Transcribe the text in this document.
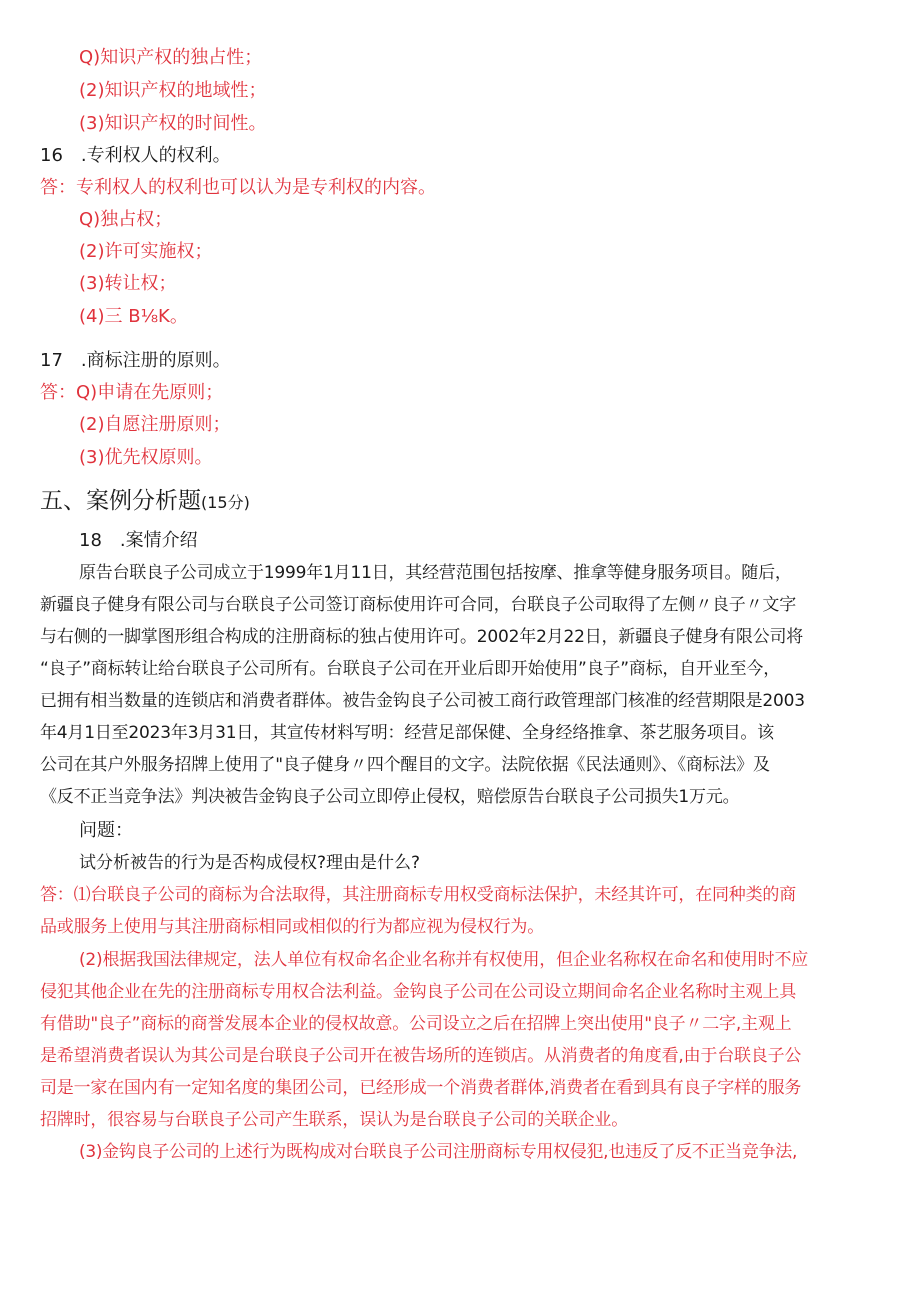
Q)知识产权的独占性；
(2)知识产权的地域性；
(3)知识产权的时间性。
16　.专利权人的权利。
答：专利权人的权利也可以认为是专利权的内容。
Q)独占权；
(2)许可实施权；
(3)转让权；
(4)三 B⅛K。
17　.商标注册的原则。
答：Q)申请在先原则；
(2)自愿注册原则；
(3)优先权原则。
五、案例分析题(15分)
18　.案情介绍
原告台联良子公司成立于1999年1月11日，其经营范围包括按摩、推拿等健身服务项目。随后，
新疆良子健身有限公司与台联良子公司签订商标使用许可合同，台联良子公司取得了左侧〃良子〃文字
与右侧的一脚掌图形组合构成的注册商标的独占使用许可。2002年2月22日，新疆良子健身有限公司将
“良子”商标转让给台联良子公司所有。台联良子公司在开业后即开始使用”良子”商标，自开业至今，
已拥有相当数量的连锁店和消费者群体。被告金钩良子公司被工商行政管理部门核准的经营期限是2003
年4月1日至2023年3月31日，其宣传材料写明：经营足部保健、全身经络推拿、茶艺服务项目。该
公司在其户外服务招牌上使用了"良子健身〃四个醒目的文字。法院依据《民法通则》、《商标法》及
《反不正当竞争法》判决被告金钩良子公司立即停止侵权，赔偿原告台联良子公司损失1万元。
问题：
试分析被告的行为是否构成侵权?理由是什么?
答：⑴台联良子公司的商标为合法取得，其注册商标专用权受商标法保护，未经其许可，在同种类的商
品或服务上使用与其注册商标相同或相似的行为都应视为侵权行为。
(2)根据我国法律规定，法人单位有权命名企业名称并有权使用，但企业名称权在命名和使用时不应
侵犯其他企业在先的注册商标专用权合法利益。金钩良子公司在公司设立期间命名企业名称时主观上具
有借助"良子”商标的商誉发展本企业的侵权故意。公司设立之后在招牌上突出使用"良子〃二字,主观上
是希望消费者误认为其公司是台联良子公司开在被告场所的连锁店。从消费者的角度看,由于台联良子公
司是一家在国内有一定知名度的集团公司，已经形成一个消费者群体,消费者在看到具有良子字样的服务
招牌时，很容易与台联良子公司产生联系，误认为是台联良子公司的关联企业。
(3)金钩良子公司的上述行为既构成对台联良子公司注册商标专用权侵犯,也违反了反不正当竞争法,
